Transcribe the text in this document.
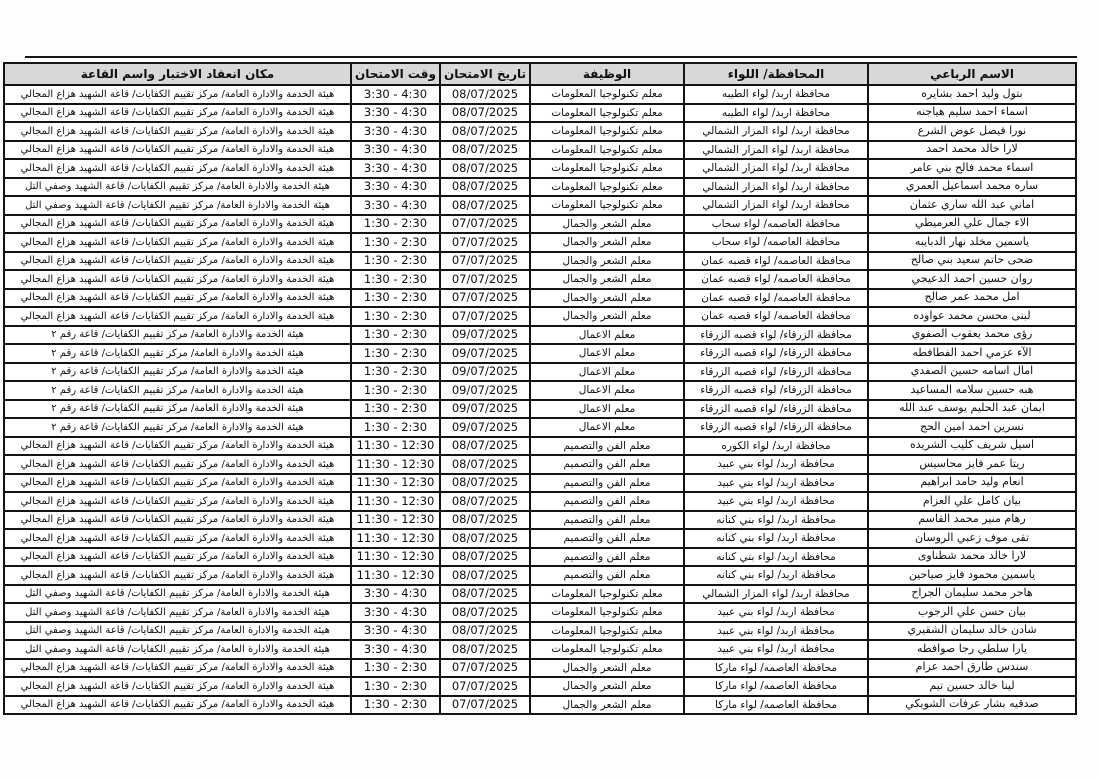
الاسم الرباعي	المحافظة/ اللواء	الوظيفة	تاريخ الامتحان	وقت الامتحان	مكان انعقاد الاختبار واسم القاعة
بتول وليد احمد بشايره	محافظة اربد/ لواء الطيبه	معلم تكنولوجيا المعلومات	08/07/2025	3:30 - 4:30	هيئة الخدمة والادارة العامة/ مركز تقييم الكفايات/ قاعة الشهيد هزاع المجالي
اسماء احمد سليم هياجنه	محافظة اربد/ لواء الطيبه	معلم تكنولوجيا المعلومات	08/07/2025	3:30 - 4:30	هيئة الخدمة والادارة العامة/ مركز تقييم الكفايات/ قاعة الشهيد هزاع المجالي
نورا فيصل عوض الشرع	محافظة اربد/ لواء المزار الشمالي	معلم تكنولوجيا المعلومات	08/07/2025	3:30 - 4:30	هيئة الخدمة والادارة العامة/ مركز تقييم الكفايات/ قاعة الشهيد هزاع المجالي
لارا خالد محمد احمد	محافظة اربد/ لواء المزار الشمالي	معلم تكنولوجيا المعلومات	08/07/2025	3:30 - 4:30	هيئة الخدمة والادارة العامة/ مركز تقييم الكفايات/ قاعة الشهيد هزاع المجالي
اسماء محمد فالح بني عامر	محافظة اربد/ لواء المزار الشمالي	معلم تكنولوجيا المعلومات	08/07/2025	3:30 - 4:30	هيئة الخدمة والادارة العامة/ مركز تقييم الكفايات/ قاعة الشهيد هزاع المجالي
ساره محمد اسماعيل العمري	محافظة اربد/ لواء المزار الشمالي	معلم تكنولوجيا المعلومات	08/07/2025	3:30 - 4:30	هيئة الخدمة والادارة العامة/ مركز تقييم الكفايات/ قاعة الشهيد وصفي التل
اماني عبد الله ساري عثمان	محافظة اربد/ لواء المزار الشمالي	معلم تكنولوجيا المعلومات	08/07/2025	3:30 - 4:30	هيئة الخدمة والادارة العامة/ مركز تقييم الكفايات/ قاعة الشهيد وصفي التل
الاء جمال علي العرميطي	محافظة العاصمه/ لواء سحاب	معلم الشعر والجمال	07/07/2025	1:30 - 2:30	هيئة الخدمة والادارة العامة/ مركز تقييم الكفايات/ قاعة الشهيد هزاع المجالي
ياسمين مخلد نهار الدبايبه	محافظة العاصمه/ لواء سحاب	معلم الشعر والجمال	07/07/2025	1:30 - 2:30	هيئة الخدمة والادارة العامة/ مركز تقييم الكفايات/ قاعة الشهيد هزاع المجالي
ضحى حاتم سعيد بني صالح	محافظة العاصمه/ لواء قصبه عمان	معلم الشعر والجمال	07/07/2025	1:30 - 2:30	هيئة الخدمة والادارة العامة/ مركز تقييم الكفايات/ قاعة الشهيد هزاع المجالي
روان حسين احمد الدعيجي	محافظة العاصمه/ لواء قصبه عمان	معلم الشعر والجمال	07/07/2025	1:30 - 2:30	هيئة الخدمة والادارة العامة/ مركز تقييم الكفايات/ قاعة الشهيد هزاع المجالي
امل محمد عمر صالح	محافظة العاصمه/ لواء قصبه عمان	معلم الشعر والجمال	07/07/2025	1:30 - 2:30	هيئة الخدمة والادارة العامة/ مركز تقييم الكفايات/ قاعة الشهيد هزاع المجالي
لبنى محسن محمد عواوده	محافظة العاصمه/ لواء قصبه عمان	معلم الشعر والجمال	07/07/2025	1:30 - 2:30	هيئة الخدمة والادارة العامة/ مركز تقييم الكفايات/ قاعة الشهيد هزاع المجالي
رؤى محمد يعقوب الصفوي	محافظة الزرقاء/ لواء قصبه الزرقاء	معلم الاعمال	09/07/2025	1:30 - 2:30	هيئة الخدمة والادارة العامة/ مركز تقييم الكفايات/ قاعة رقم ٢
الآء عزمي احمد الفطافطه	محافظة الزرقاء/ لواء قصبه الزرقاء	معلم الاعمال	09/07/2025	1:30 - 2:30	هيئة الخدمة والادارة العامة/ مركز تقييم الكفايات/ قاعة رقم ٢
امال اسامه حسين الصفدي	محافظة الزرقاء/ لواء قصبه الزرقاء	معلم الاعمال	09/07/2025	1:30 - 2:30	هيئة الخدمة والادارة العامة/ مركز تقييم الكفايات/ قاعة رقم ٢
هبه حسين سلامه المساعيد	محافظة الزرقاء/ لواء قصبه الزرقاء	معلم الاعمال	09/07/2025	1:30 - 2:30	هيئة الخدمة والادارة العامة/ مركز تقييم الكفايات/ قاعة رقم ٢
ايمان عبد الحليم يوسف عبد الله	محافظة الزرقاء/ لواء قصبه الزرقاء	معلم الاعمال	09/07/2025	1:30 - 2:30	هيئة الخدمة والادارة العامة/ مركز تقييم الكفايات/ قاعة رقم ٢
نسرين احمد امين الحج	محافظة الزرقاء/ لواء قصبه الزرقاء	معلم الاعمال	09/07/2025	1:30 - 2:30	هيئة الخدمة والادارة العامة/ مركز تقييم الكفايات/ قاعة رقم ٢
اسيل شريف كليب الشريده	محافظة اربد/ لواء الكوره	معلم الفن والتصميم	08/07/2025	11:30 - 12:30	هيئة الخدمة والادارة العامة/ مركز تقييم الكفايات/ قاعة الشهيد هزاع المجالي
ريتا عمر فايز محاسيس	محافظة اربد/ لواء بني عبيد	معلم الفن والتصميم	08/07/2025	11:30 - 12:30	هيئة الخدمة والادارة العامة/ مركز تقييم الكفايات/ قاعة الشهيد هزاع المجالي
انعام وليد حامد ابراهيم	محافظة اربد/ لواء بني عبيد	معلم الفن والتصميم	08/07/2025	11:30 - 12:30	هيئة الخدمة والادارة العامة/ مركز تقييم الكفايات/ قاعة الشهيد هزاع المجالي
بيان كامل علي العزام	محافظة اربد/ لواء بني عبيد	معلم الفن والتصميم	08/07/2025	11:30 - 12:30	هيئة الخدمة والادارة العامة/ مركز تقييم الكفايات/ قاعة الشهيد هزاع المجالي
رهام منير محمد القاسم	محافظة اربد/ لواء بني كنانه	معلم الفن والتصميم	08/07/2025	11:30 - 12:30	هيئة الخدمة والادارة العامة/ مركز تقييم الكفايات/ قاعة الشهيد هزاع المجالي
تقى موف زعبي الروسان	محافظة اربد/ لواء بني كنانه	معلم الفن والتصميم	08/07/2025	11:30 - 12:30	هيئة الخدمة والادارة العامة/ مركز تقييم الكفايات/ قاعة الشهيد هزاع المجالي
لارا خالد محمد شطناوى	محافظة اربد/ لواء بني كنانه	معلم الفن والتصميم	08/07/2025	11:30 - 12:30	هيئة الخدمة والادارة العامة/ مركز تقييم الكفايات/ قاعة الشهيد هزاع المجالي
ياسمين محمود فايز صياحين	محافظة اربد/ لواء بني كنانه	معلم الفن والتصميم	08/07/2025	11:30 - 12:30	هيئة الخدمة والادارة العامة/ مركز تقييم الكفايات/ قاعة الشهيد هزاع المجالي
هاجر محمد سليمان الجراح	محافظة اربد/ لواء المزار الشمالي	معلم تكنولوجيا المعلومات	08/07/2025	3:30 - 4:30	هيئة الخدمة والادارة العامة/ مركز تقييم الكفايات/ قاعة الشهيد وصفي التل
بيان حسن علي الرجوب	محافظة اربد/ لواء بني عبيد	معلم تكنولوجيا المعلومات	08/07/2025	3:30 - 4:30	هيئة الخدمة والادارة العامة/ مركز تقييم الكفايات/ قاعة الشهيد وصفي التل
شادن خالد سليمان الشقيري	محافظة اربد/ لواء بني عبيد	معلم تكنولوجيا المعلومات	08/07/2025	3:30 - 4:30	هيئة الخدمة والادارة العامة/ مركز تقييم الكفايات/ قاعة الشهيد وصفي التل
يارا سلطي رجا صوافطه	محافظة اربد/ لواء بني عبيد	معلم تكنولوجيا المعلومات	08/07/2025	3:30 - 4:30	هيئة الخدمة والادارة العامة/ مركز تقييم الكفايات/ قاعة الشهيد وصفي التل
سندس طارق احمد عزام	محافظة العاصمه/ لواء ماركا	معلم الشعر والجمال	07/07/2025	1:30 - 2:30	هيئة الخدمة والادارة العامة/ مركز تقييم الكفايات/ قاعة الشهيد هزاع المجالي
لينا خالد حسين تيم	محافظة العاصمه/ لواء ماركا	معلم الشعر والجمال	07/07/2025	1:30 - 2:30	هيئة الخدمة والادارة العامة/ مركز تقييم الكفايات/ قاعة الشهيد هزاع المجالي
صدقيه بشار عرفات الشويكي	محافظة العاصمه/ لواء ماركا	معلم الشعر والجمال	07/07/2025	1:30 - 2:30	هيئة الخدمة والادارة العامة/ مركز تقييم الكفايات/ قاعة الشهيد هزاع المجالي
